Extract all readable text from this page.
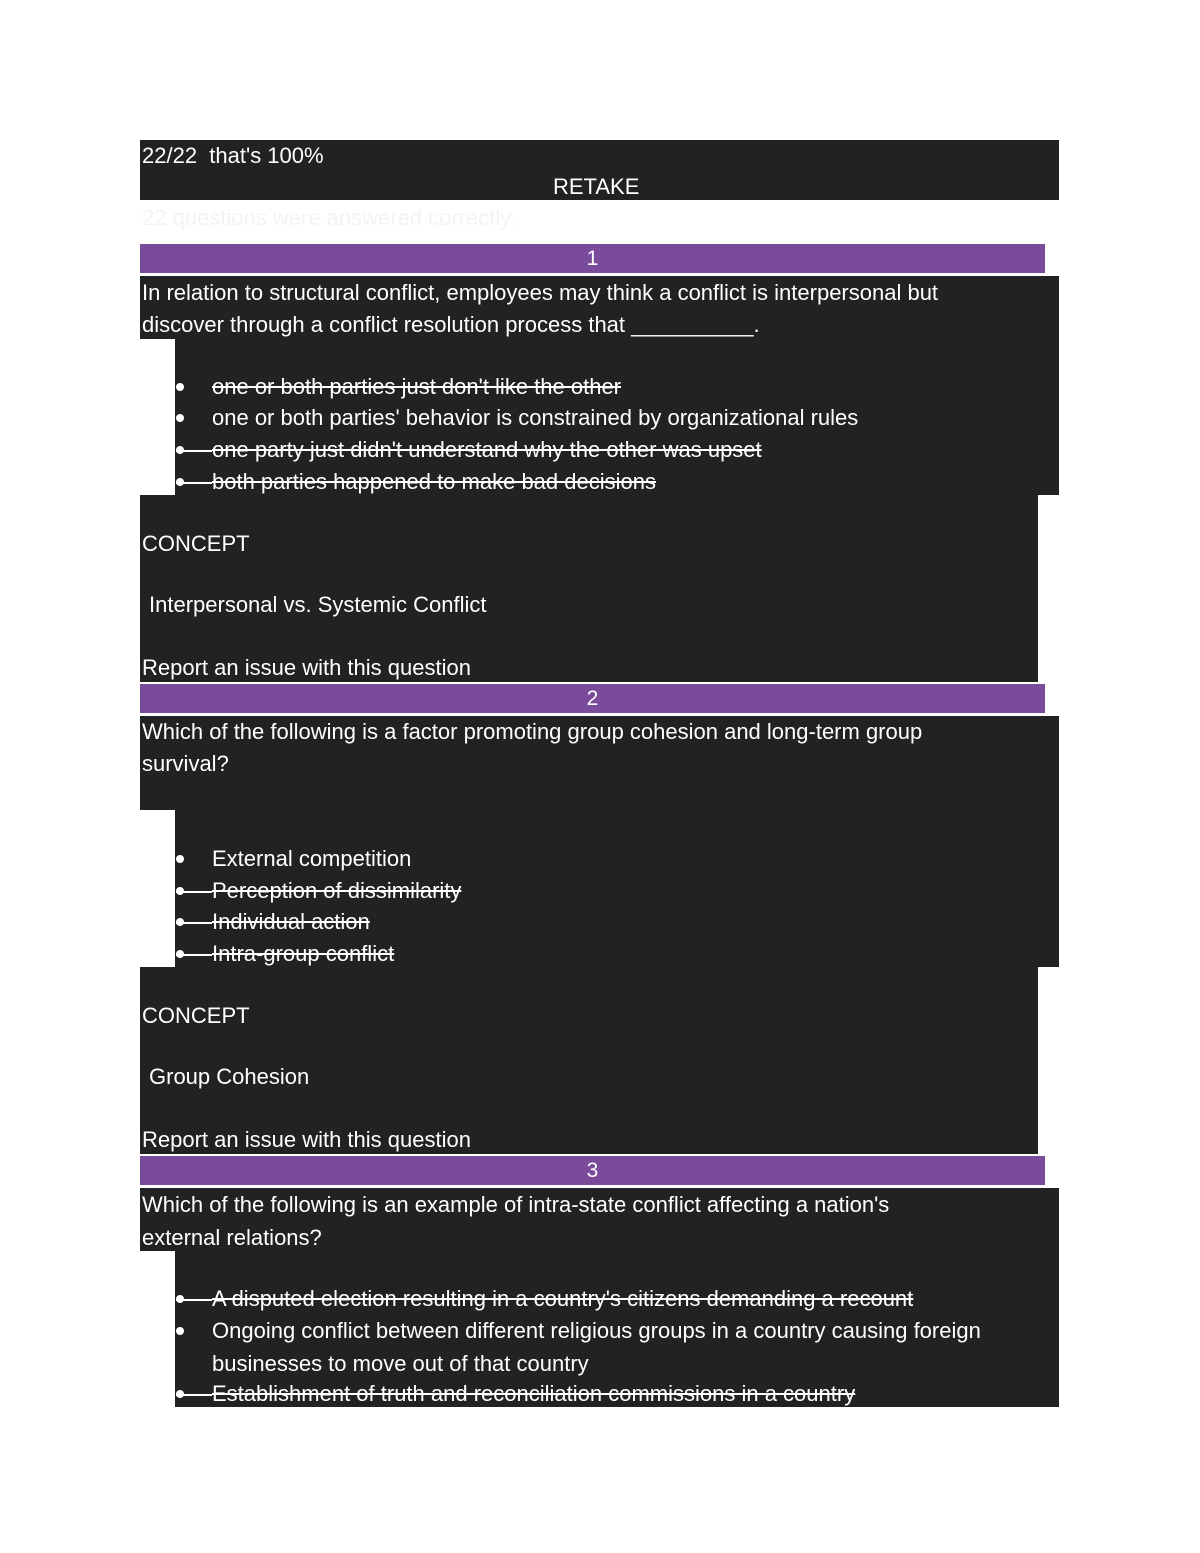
22/22 that's 100%
RETAKE
22 questions were answered correctly.
1
In relation to structural conflict, employees may think a conflict is interpersonal but
discover through a conflict resolution process that __________.
one or both parties just don't like the other
one or both parties' behavior is constrained by organizational rules
one party just didn't understand why the other was upset
both parties happened to make bad decisions
CONCEPT
Interpersonal vs. Systemic Conflict
Report an issue with this question
2
Which of the following is a factor promoting group cohesion and long-term group
survival?
External competition
Perception of dissimilarity
Individual action
Intra-group conflict
CONCEPT
Group Cohesion
Report an issue with this question
3
Which of the following is an example of intra-state conflict affecting a nation's
external relations?
A disputed election resulting in a country's citizens demanding a recount
Ongoing conflict between different religious groups in a country causing foreign
businesses to move out of that country
Establishment of truth and reconciliation commissions in a country
